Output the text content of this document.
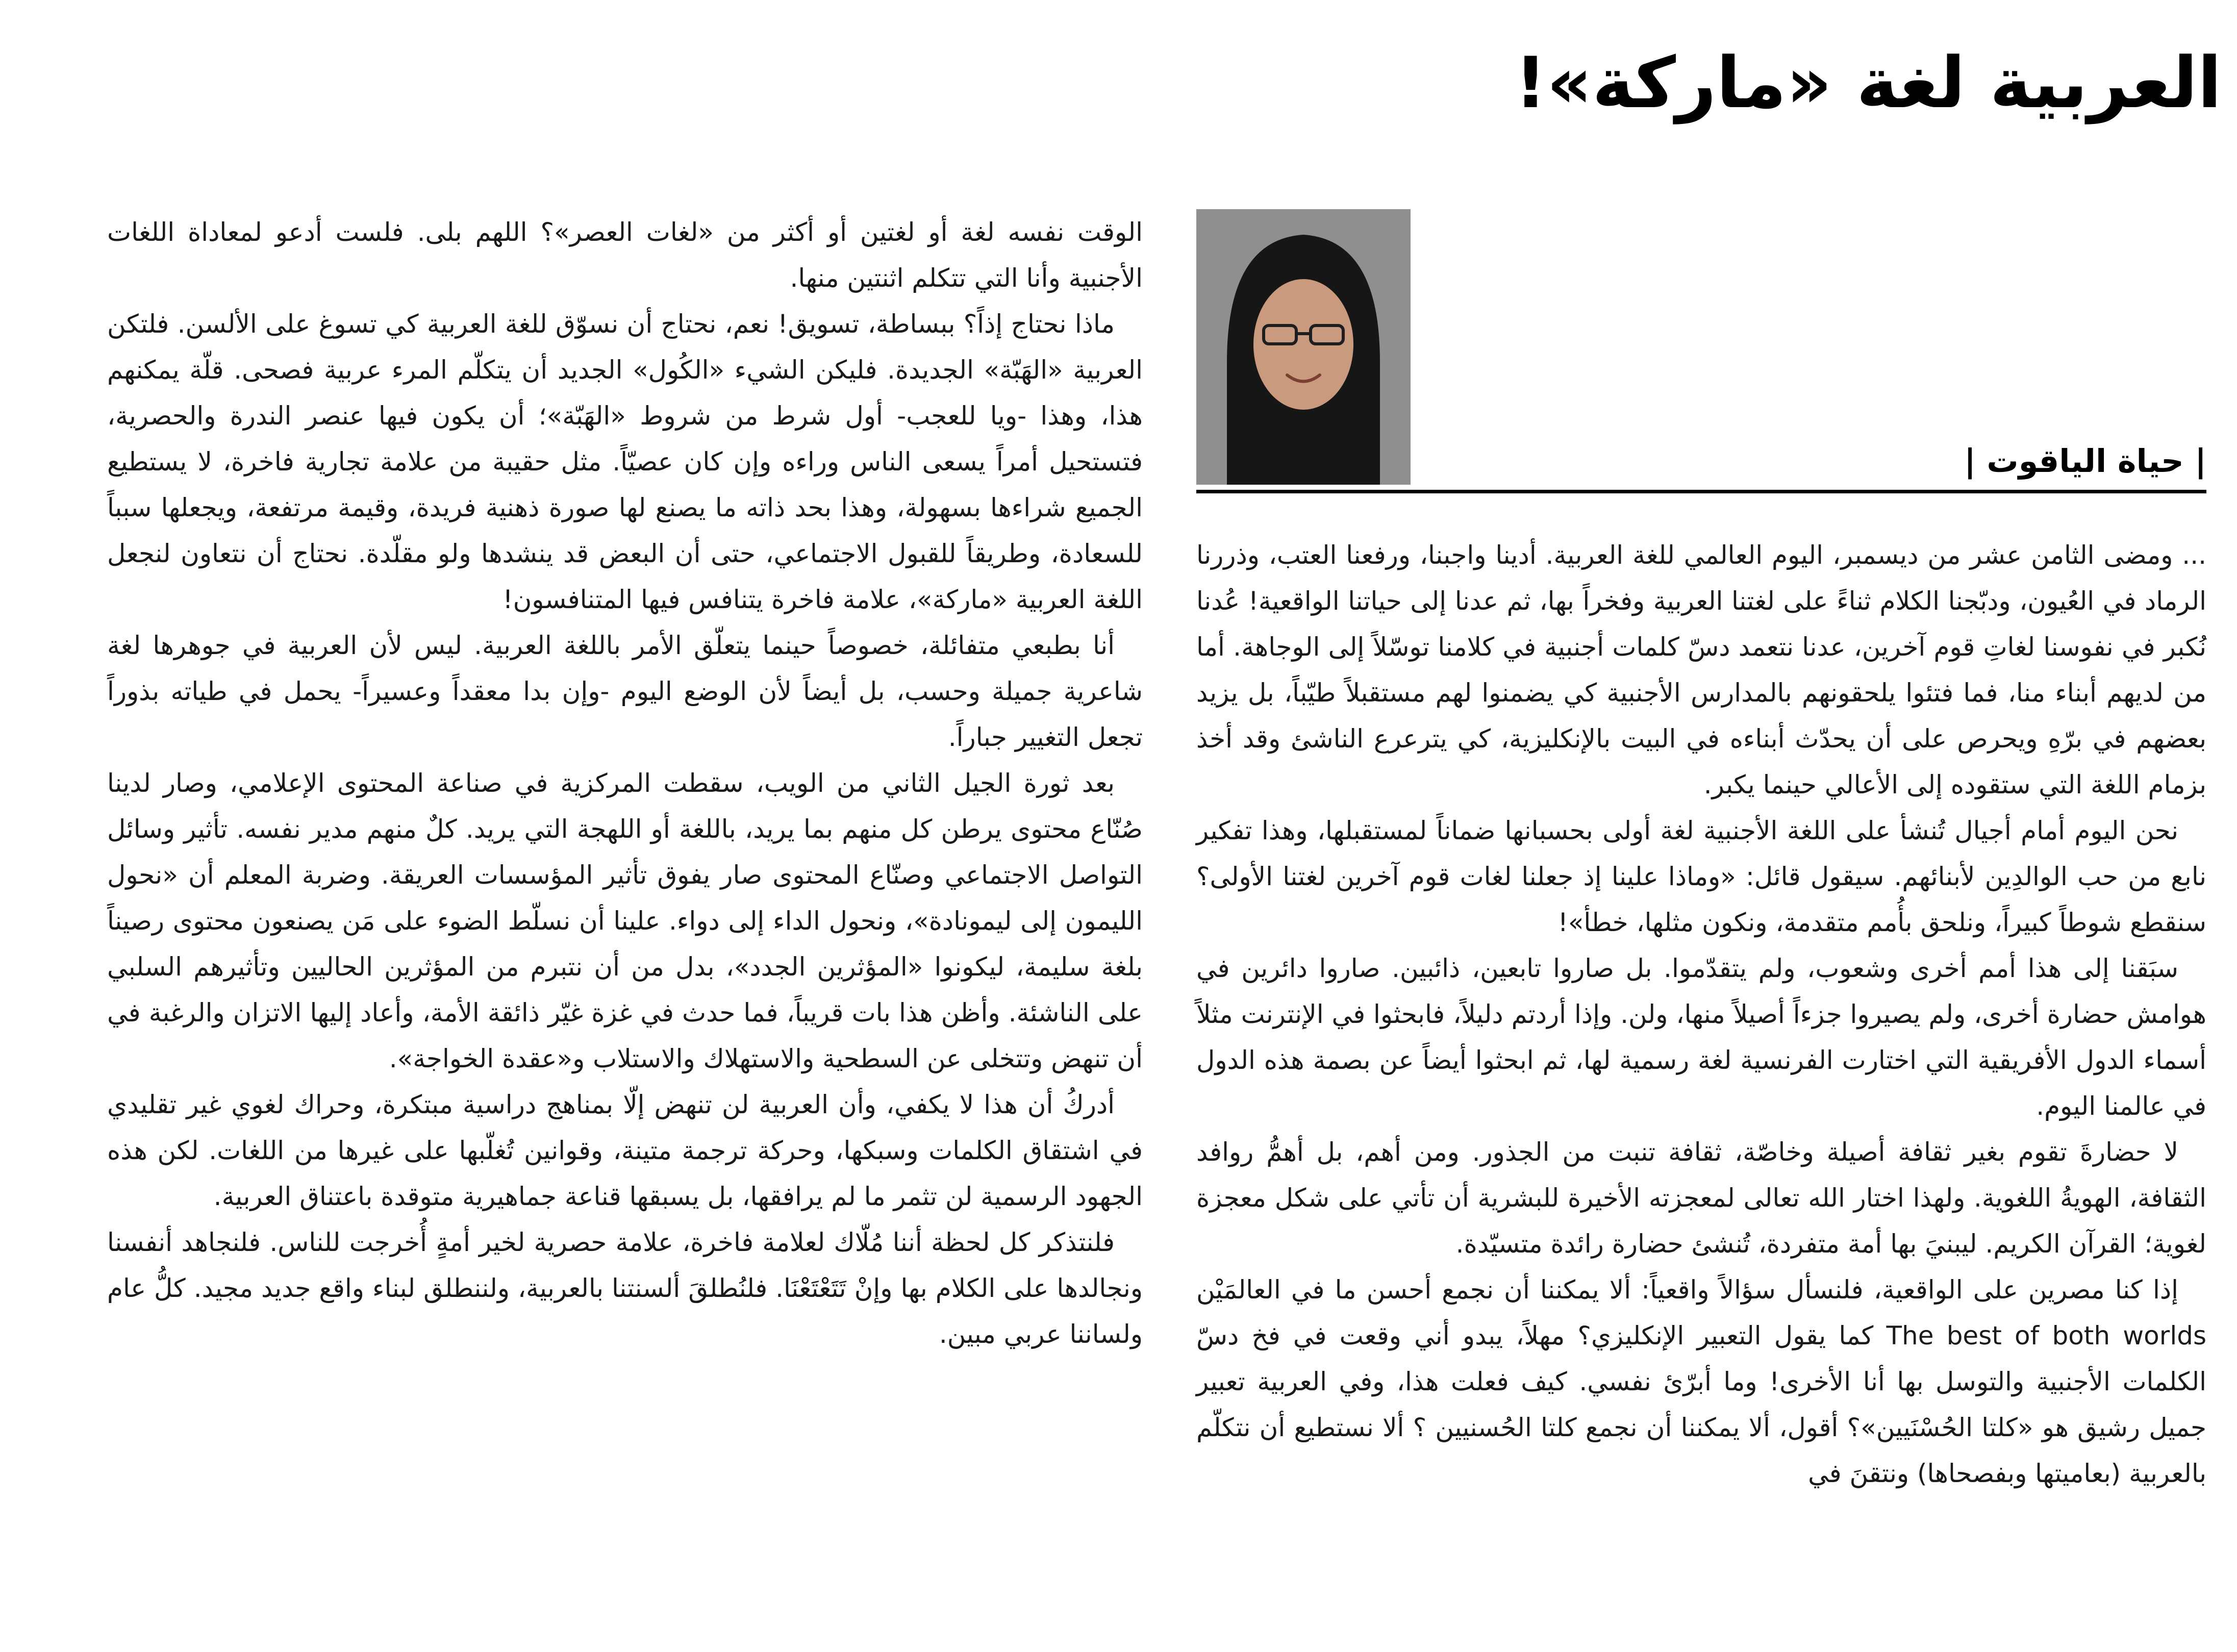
العربية لغة «ماركة»!
| حياة الياقوت |

... ومضى الثامن عشر من ديسمبر، اليوم العالمي للغة العربية. أدينا واجبنا، ورفعنا العتب، وذررنا الرماد في العُيون، ودبّجنا الكلام ثناءً على لغتنا العربية وفخراً بها، ثم عدنا إلى حياتنا الواقعية! عُدنا نُكبر في نفوسنا لغاتِ قوم آخرين، عدنا نتعمد دسّ كلمات أجنبية في كلامنا توسّلاً إلى الوجاهة. أما من لديهم أبناء منا، فما فتئوا يلحقونهم بالمدارس الأجنبية كي يضمنوا لهم مستقبلاً طيّباً، بل يزيد بعضهم في برّهِ ويحرص على أن يحدّث أبناءه في البيت بالإنكليزية، كي يترعرع الناشئ وقد أخذ بزمام اللغة التي ستقوده إلى الأعالي حينما يكبر.

نحن اليوم أمام أجيال تُنشأ على اللغة الأجنبية لغة أولى بحسبانها ضماناً لمستقبلها، وهذا تفكير نابع من حب الوالدِين لأبنائهم. سيقول قائل: «وماذا علينا إذ جعلنا لغات قوم آخرين لغتنا الأولى؟ سنقطع شوطاً كبيراً، ونلحق بأُمم متقدمة، ونكون مثلها، خطأ»!

سبَقنا إلى هذا أمم أخرى وشعوب، ولم يتقدّموا. بل صاروا تابعين، ذائبين. صاروا دائرين في هوامش حضارة أخرى، ولم يصيروا جزءاً أصيلاً منها، ولن. وإذا أردتم دليلاً، فابحثوا في الإنترنت مثلاً أسماء الدول الأفريقية التي اختارت الفرنسية لغة رسمية لها، ثم ابحثوا أيضاً عن بصمة هذه الدول في عالمنا اليوم.

لا حضارةَ تقوم بغير ثقافة أصيلة وخاصّة، ثقافة تنبت من الجذور. ومن أهم، بل أهمُّ روافد الثقافة، الهويةُ اللغوية. ولهذا اختار الله تعالى لمعجزته الأخيرة للبشرية أن تأتي على شكل معجزة لغوية؛ القرآن الكريم. ليبنيَ بها أمة متفردة، تُنشئ حضارة رائدة متسيّدة.

إذا كنا مصرين على الواقعية، فلنسأل سؤالاً واقعياً: ألا يمكننا أن نجمع أحسن ما في العالمَيْن The best of both worlds كما يقول التعبير الإنكليزي؟ مهلاً، يبدو أني وقعت في فخ دسّ الكلمات الأجنبية والتوسل بها أنا الأخرى! وما أبرّئ نفسي. كيف فعلت هذا، وفي العربية تعبير جميل رشيق هو «كلتا الحُسْنَيين»؟ أقول، ألا يمكننا أن نجمع كلتا الحُسنيين ؟ ألا نستطيع أن نتكلّم بالعربية (بعاميتها وبفصحاها) ونتقنَ في

الوقت نفسه لغة أو لغتين أو أكثر من «لغات العصر»؟ اللهم بلى. فلست أدعو لمعاداة اللغات الأجنبية وأنا التي تتكلم اثنتين منها.

ماذا نحتاج إذاً؟ ببساطة، تسويق! نعم، نحتاج أن نسوّق للغة العربية كي تسوغ على الألسن. فلتكن العربية «الهَبّة» الجديدة. فليكن الشيء «الكُول» الجديد أن يتكلّم المرء عربية فصحى. قلّة يمكنهم هذا، وهذا -ويا للعجب- أول شرط من شروط «الهَبّة»؛ أن يكون فيها عنصر الندرة والحصرية، فتستحيل أمراً يسعى الناس وراءه وإن كان عصيّاً. مثل حقيبة من علامة تجارية فاخرة، لا يستطيع الجميع شراءها بسهولة، وهذا بحد ذاته ما يصنع لها صورة ذهنية فريدة، وقيمة مرتفعة، ويجعلها سبباً للسعادة، وطريقاً للقبول الاجتماعي، حتى أن البعض قد ينشدها ولو مقلّدة. نحتاج أن نتعاون لنجعل اللغة العربية «ماركة»، علامة فاخرة يتنافس فيها المتنافسون!

أنا بطبعي متفائلة، خصوصاً حينما يتعلّق الأمر باللغة العربية. ليس لأن العربية في جوهرها لغة شاعرية جميلة وحسب، بل أيضاً لأن الوضع اليوم -وإن بدا معقداً وعسيراً- يحمل في طياته بذوراً تجعل التغيير جباراً.

بعد ثورة الجيل الثاني من الويب، سقطت المركزية في صناعة المحتوى الإعلامي، وصار لدينا صُنّاع محتوى يرطن كل منهم بما يريد، باللغة أو اللهجة التي يريد. كلٌ منهم مدير نفسه. تأثير وسائل التواصل الاجتماعي وصنّاع المحتوى صار يفوق تأثير المؤسسات العريقة. وضربة المعلم أن «نحول الليمون إلى ليمونادة»، ونحول الداء إلى دواء. علينا أن نسلّط الضوء على مَن يصنعون محتوى رصيناً بلغة سليمة، ليكونوا «المؤثرين الجدد»، بدل من أن نتبرم من المؤثرين الحاليين وتأثيرهم السلبي على الناشئة. وأظن هذا بات قريباً، فما حدث في غزة غيّر ذائقة الأمة، وأعاد إليها الاتزان والرغبة في أن تنهض وتتخلى عن السطحية والاستهلاك والاستلاب و«عقدة الخواجة».

أدركُ أن هذا لا يكفي، وأن العربية لن تنهض إلّا بمناهج دراسية مبتكرة، وحراك لغوي غير تقليدي في اشتقاق الكلمات وسبكها، وحركة ترجمة متينة، وقوانين تُغلّبها على غيرها من اللغات. لكن هذه الجهود الرسمية لن تثمر ما لم يرافقها، بل يسبقها قناعة جماهيرية متوقدة باعتناق العربية.

فلنتذكر كل لحظة أننا مُلّاك لعلامة فاخرة، علامة حصرية لخير أمةٍ أُخرجت للناس. فلنجاهد أنفسنا ونجالدها على الكلام بها وإنْ تَتَعْتَعْنَا. فلنُطلقَ ألسنتنا بالعربية، ولننطلق لبناء واقع جديد مجيد. كلُّ عام ولساننا عربي مبين.
